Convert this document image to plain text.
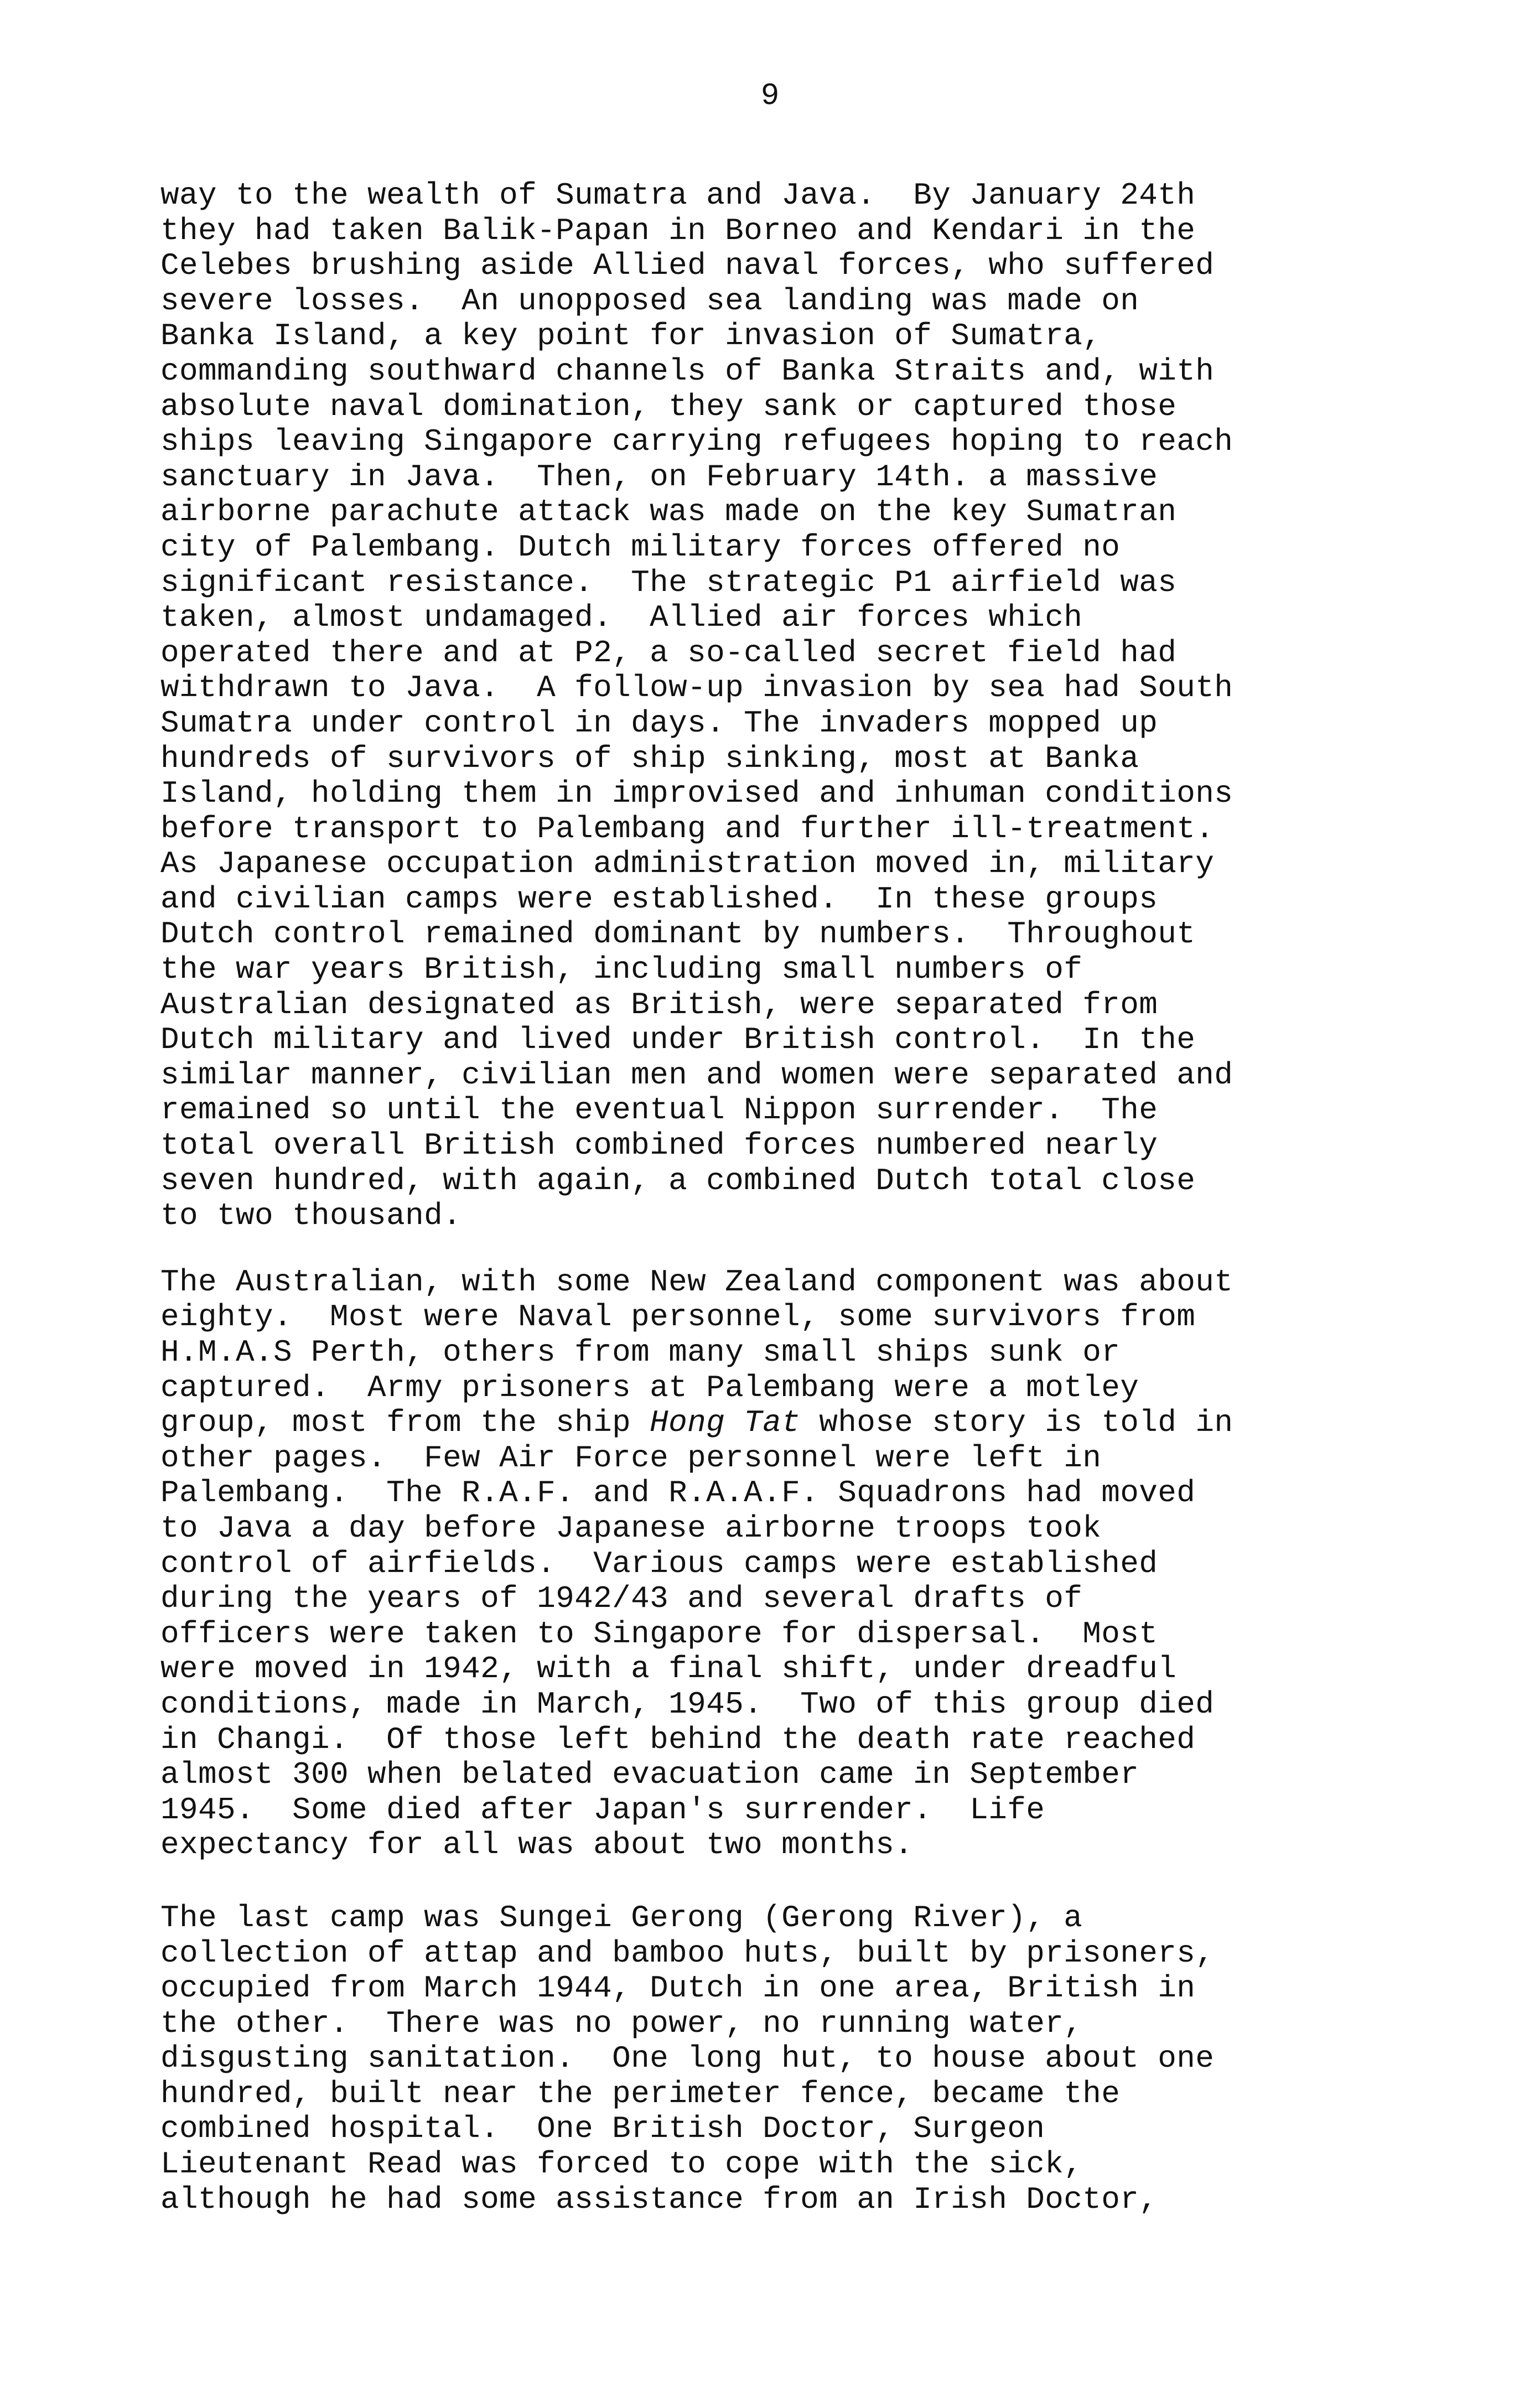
9

way to the wealth of Sumatra and Java.  By January 24th
they had taken Balik-Papan in Borneo and Kendari in the
Celebes brushing aside Allied naval forces, who suffered
severe losses.  An unopposed sea landing was made on
Banka Island, a key point for invasion of Sumatra,
commanding southward channels of Banka Straits and, with
absolute naval domination, they sank or captured those
ships leaving Singapore carrying refugees hoping to reach
sanctuary in Java.  Then, on February 14th. a massive
airborne parachute attack was made on the key Sumatran
city of Palembang. Dutch military forces offered no
significant resistance.  The strategic P1 airfield was
taken, almost undamaged.  Allied air forces which
operated there and at P2, a so-called secret field had
withdrawn to Java.  A follow-up invasion by sea had South
Sumatra under control in days. The invaders mopped up
hundreds of survivors of ship sinking, most at Banka
Island, holding them in improvised and inhuman conditions
before transport to Palembang and further ill-treatment.
As Japanese occupation administration moved in, military
and civilian camps were established.  In these groups
Dutch control remained dominant by numbers.  Throughout
the war years British, including small numbers of
Australian designated as British, were separated from
Dutch military and lived under British control.  In the
similar manner, civilian men and women were separated and
remained so until the eventual Nippon surrender.  The
total overall British combined forces numbered nearly
seven hundred, with again, a combined Dutch total close
to two thousand.

The Australian, with some New Zealand component was about
eighty.  Most were Naval personnel, some survivors from
H.M.A.S Perth, others from many small ships sunk or
captured.  Army prisoners at Palembang were a motley
group, most from the ship Hong Tat whose story is told in
other pages.  Few Air Force personnel were left in
Palembang.  The R.A.F. and R.A.A.F. Squadrons had moved
to Java a day before Japanese airborne troops took
control of airfields.  Various camps were established
during the years of 1942/43 and several drafts of
officers were taken to Singapore for dispersal.  Most
were moved in 1942, with a final shift, under dreadful
conditions, made in March, 1945.  Two of this group died
in Changi.  Of those left behind the death rate reached
almost 300 when belated evacuation came in September
1945.  Some died after Japan's surrender.  Life
expectancy for all was about two months.

The last camp was Sungei Gerong (Gerong River), a
collection of attap and bamboo huts, built by prisoners,
occupied from March 1944, Dutch in one area, British in
the other.  There was no power, no running water,
disgusting sanitation.  One long hut, to house about one
hundred, built near the perimeter fence, became the
combined hospital.  One British Doctor, Surgeon
Lieutenant Read was forced to cope with the sick,
although he had some assistance from an Irish Doctor,
